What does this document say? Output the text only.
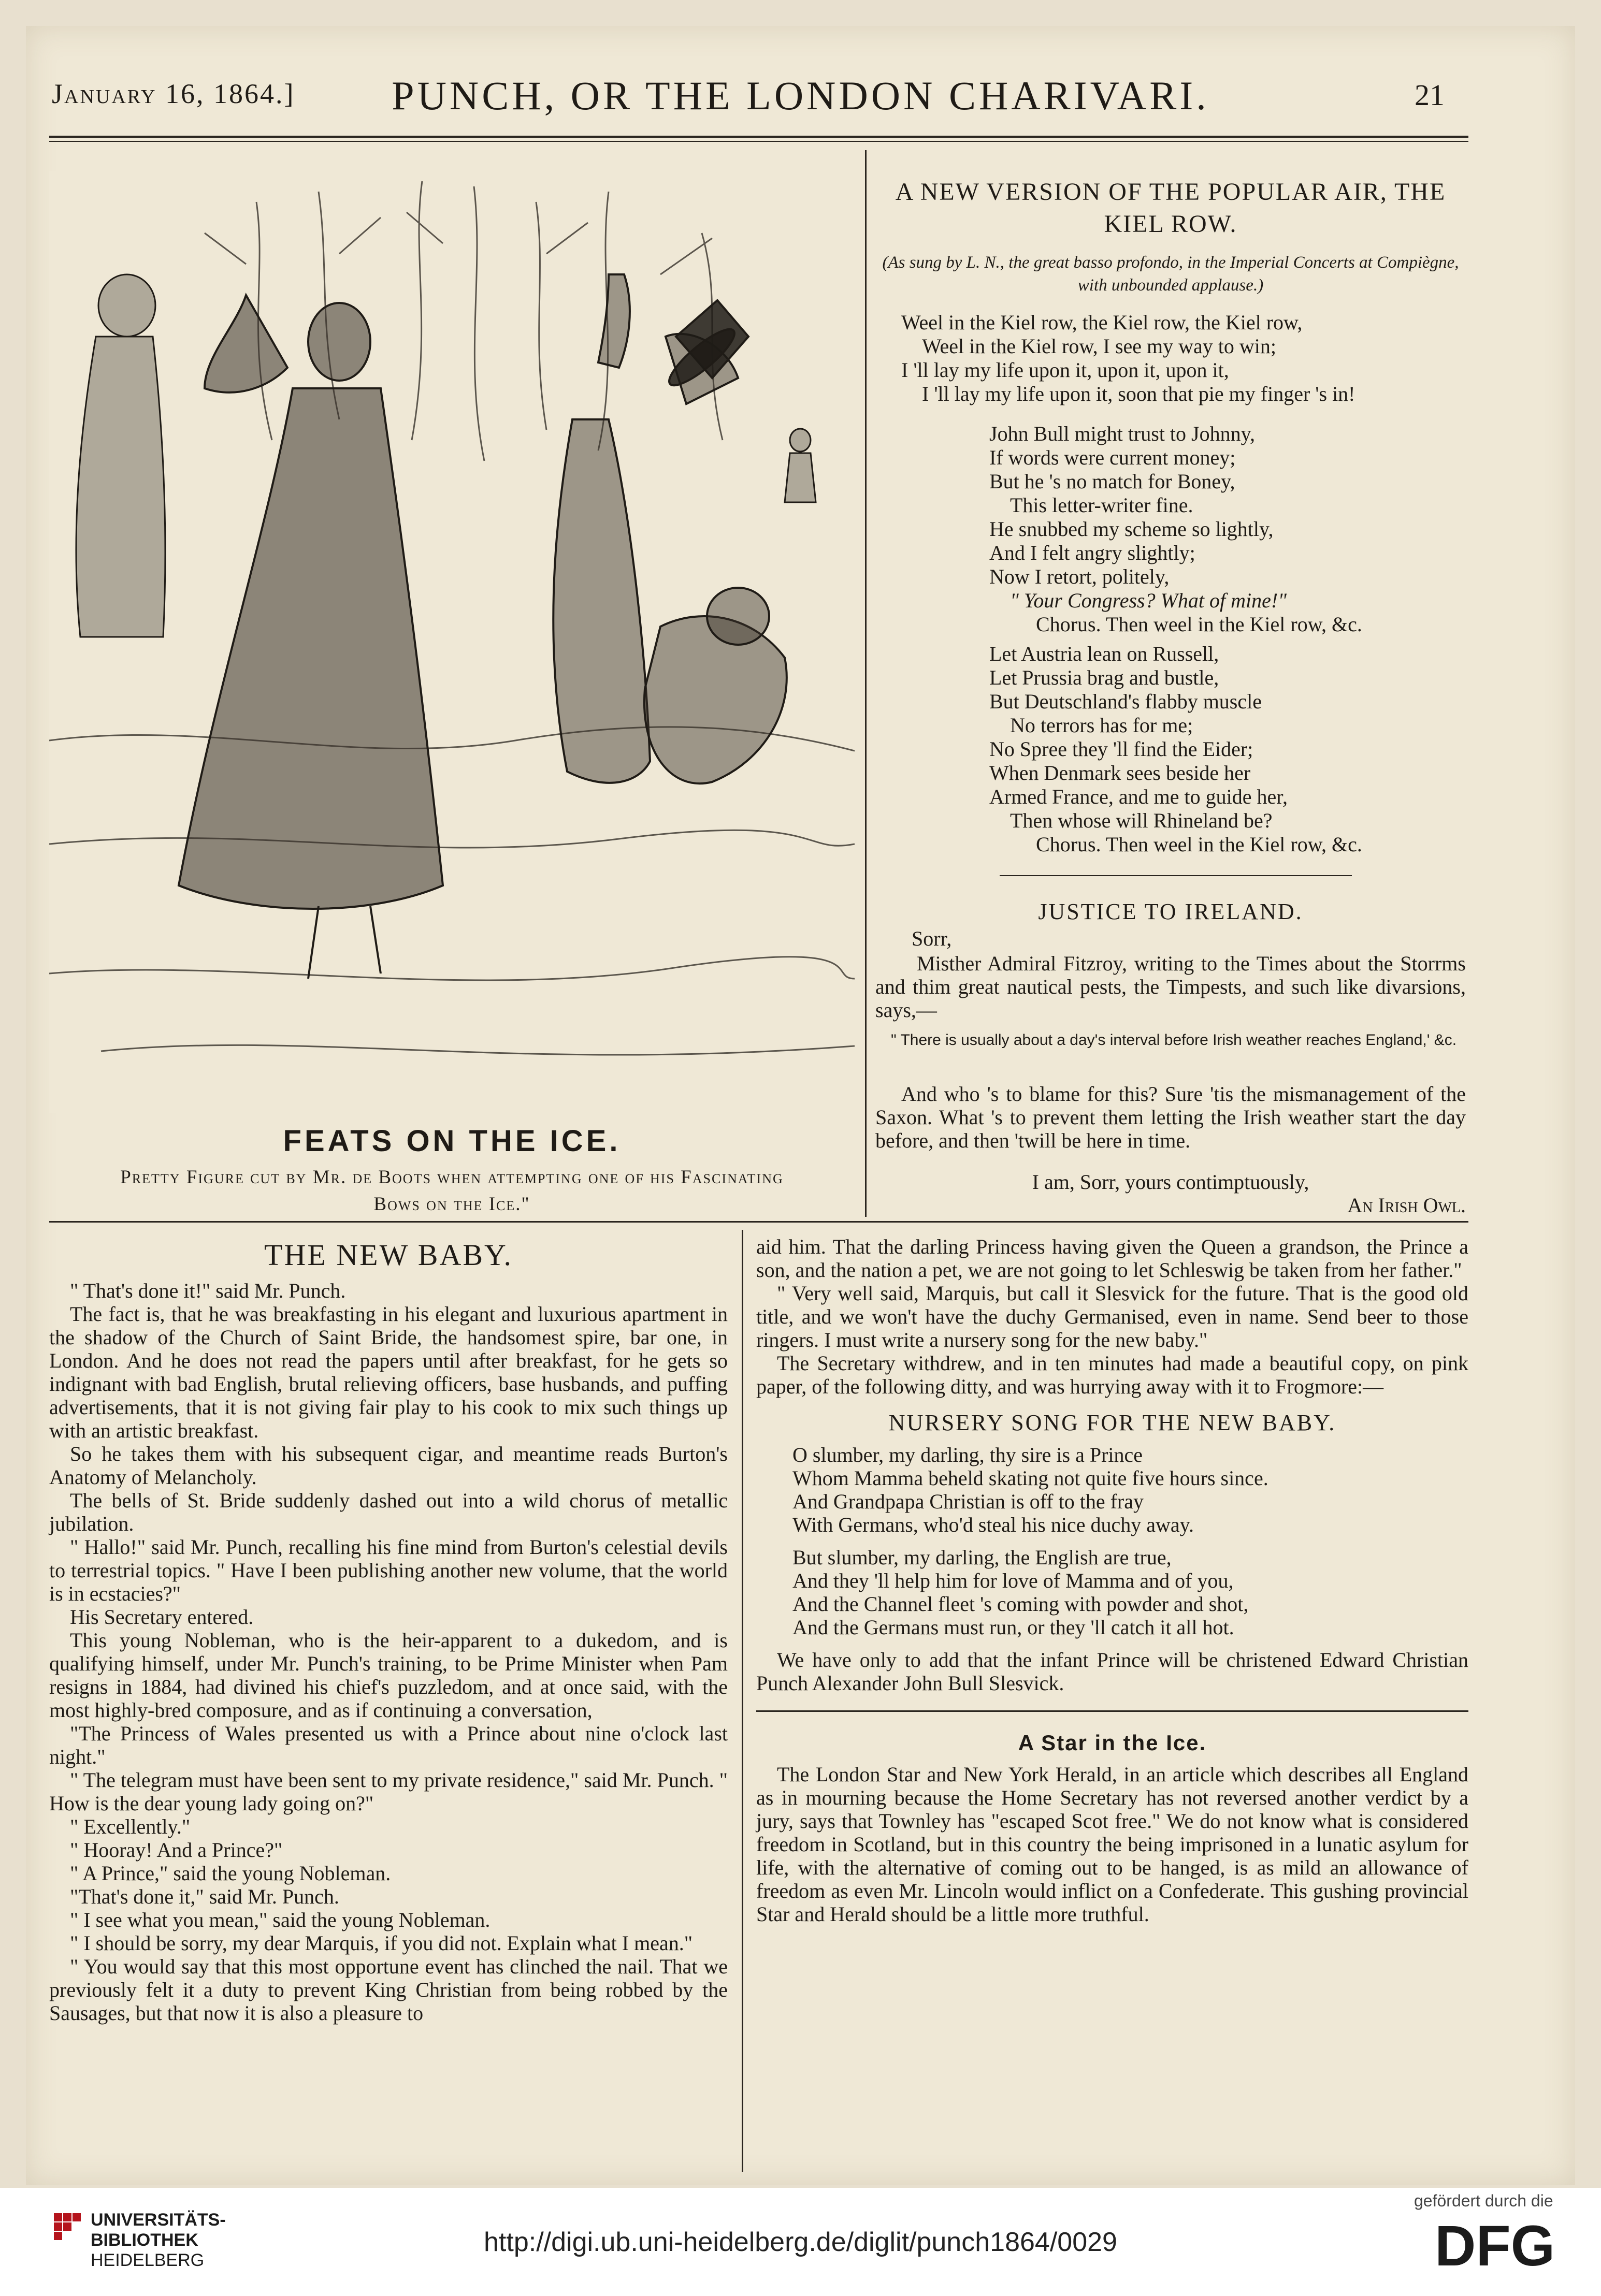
January 16, 1864.]	PUNCH, OR THE LONDON CHARIVARI.	21
FEATS ON THE ICE.
Pretty Figure cut by Mr. de Boots when attempting one of his Fascinating
Bows on the Ice."
A NEW VERSION OF THE POPULAR AIR, THE KIEL ROW.
(As sung by L. N., the great basso profondo, in the Imperial Concerts at Compiègne, with unbounded applause.)
Weel in the Kiel row, the Kiel row, the Kiel row,
Weel in the Kiel row, I see my way to win;
I 'll lay my life upon it, upon it, upon it,
I 'll lay my life upon it, soon that pie my finger 's in!
John Bull might trust to Johnny,
If words were current money;
But he 's no match for Boney,
This letter-writer fine.
He snubbed my scheme so lightly,
And I felt angry slightly;
Now I retort, politely,
" Your Congress? What of mine!"
Chorus. Then weel in the Kiel row, &c.
Let Austria lean on Russell,
Let Prussia brag and bustle,
But Deutschland's flabby muscle
No terrors has for me;
No Spree they 'll find the Eider;
When Denmark sees beside her
Armed France, and me to guide her,
Then whose will Rhineland be?
Chorus. Then weel in the Kiel row, &c.
JUSTICE TO IRELAND.
Sorr,
Misther Admiral Fitzroy, writing to the Times about the Storrms and thim great nautical pests, the Timpests, and such like divarsions, says,—
" There is usually about a day's interval before Irish weather reaches England,' &c.
And who 's to blame for this? Sure 'tis the mismanagement of the Saxon. What 's to prevent them letting the Irish weather start the day before, and then 'twill be here in time.
I am, Sorr, yours contimptuously,
An Irish Owl.
THE NEW BABY.
" That's done it!" said Mr. Punch.
The fact is, that he was breakfasting in his elegant and luxurious apartment in the shadow of the Church of Saint Bride, the handsomest spire, bar one, in London. And he does not read the papers until after breakfast, for he gets so indignant with bad English, brutal relieving officers, base husbands, and puffing advertisements, that it is not giving fair play to his cook to mix such things up with an artistic breakfast.
So he takes them with his subsequent cigar, and meantime reads Burton's Anatomy of Melancholy.
The bells of St. Bride suddenly dashed out into a wild chorus of metallic jubilation.
" Hallo!" said Mr. Punch, recalling his fine mind from Burton's celestial devils to terrestrial topics. " Have I been publishing another new volume, that the world is in ecstacies?"
His Secretary entered.
This young Nobleman, who is the heir-apparent to a dukedom, and is qualifying himself, under Mr. Punch's training, to be Prime Minister when Pam resigns in 1884, had divined his chief's puzzledom, and at once said, with the most highly-bred composure, and as if continuing a conversation,
"The Princess of Wales presented us with a Prince about nine o'clock last night."
" The telegram must have been sent to my private residence," said Mr. Punch. " How is the dear young lady going on?"
" Excellently."
" Hooray! And a Prince?"
" A Prince," said the young Nobleman.
"That's done it," said Mr. Punch.
" I see what you mean," said the young Nobleman.
" I should be sorry, my dear Marquis, if you did not. Explain what I mean."
" You would say that this most opportune event has clinched the nail. That we previously felt it a duty to prevent King Christian from being robbed by the Sausages, but that now it is also a pleasure to
aid him. That the darling Princess having given the Queen a grandson, the Prince a son, and the nation a pet, we are not going to let Schleswig be taken from her father."
" Very well said, Marquis, but call it Slesvick for the future. That is the good old title, and we won't have the duchy Germanised, even in name. Send beer to those ringers. I must write a nursery song for the new baby."
The Secretary withdrew, and in ten minutes had made a beautiful copy, on pink paper, of the following ditty, and was hurrying away with it to Frogmore:—
NURSERY SONG FOR THE NEW BABY.
O slumber, my darling, thy sire is a Prince
Whom Mamma beheld skating not quite five hours since.
And Grandpapa Christian is off to the fray
With Germans, who'd steal his nice duchy away.
But slumber, my darling, the English are true,
And they 'll help him for love of Mamma and of you,
And the Channel fleet 's coming with powder and shot,
And the Germans must run, or they 'll catch it all hot.
We have only to add that the infant Prince will be christened Edward Christian Punch Alexander John Bull Slesvick.
A Star in the Ice.
The London Star and New York Herald, in an article which describes all England as in mourning because the Home Secretary has not reversed another verdict by a jury, says that Townley has "escaped Scot free." We do not know what is considered freedom in Scotland, but in this country the being imprisoned in a lunatic asylum for life, with the alternative of coming out to be hanged, is as mild an allowance of freedom as even Mr. Lincoln would inflict on a Confederate. This gushing provincial Star and Herald should be a little more truthful.
UNIVERSITÄTS-
BIBLIOTHEK
HEIDELBERG
http://digi.ub.uni-heidelberg.de/diglit/punch1864/0029
gefördert durch die
DFG
